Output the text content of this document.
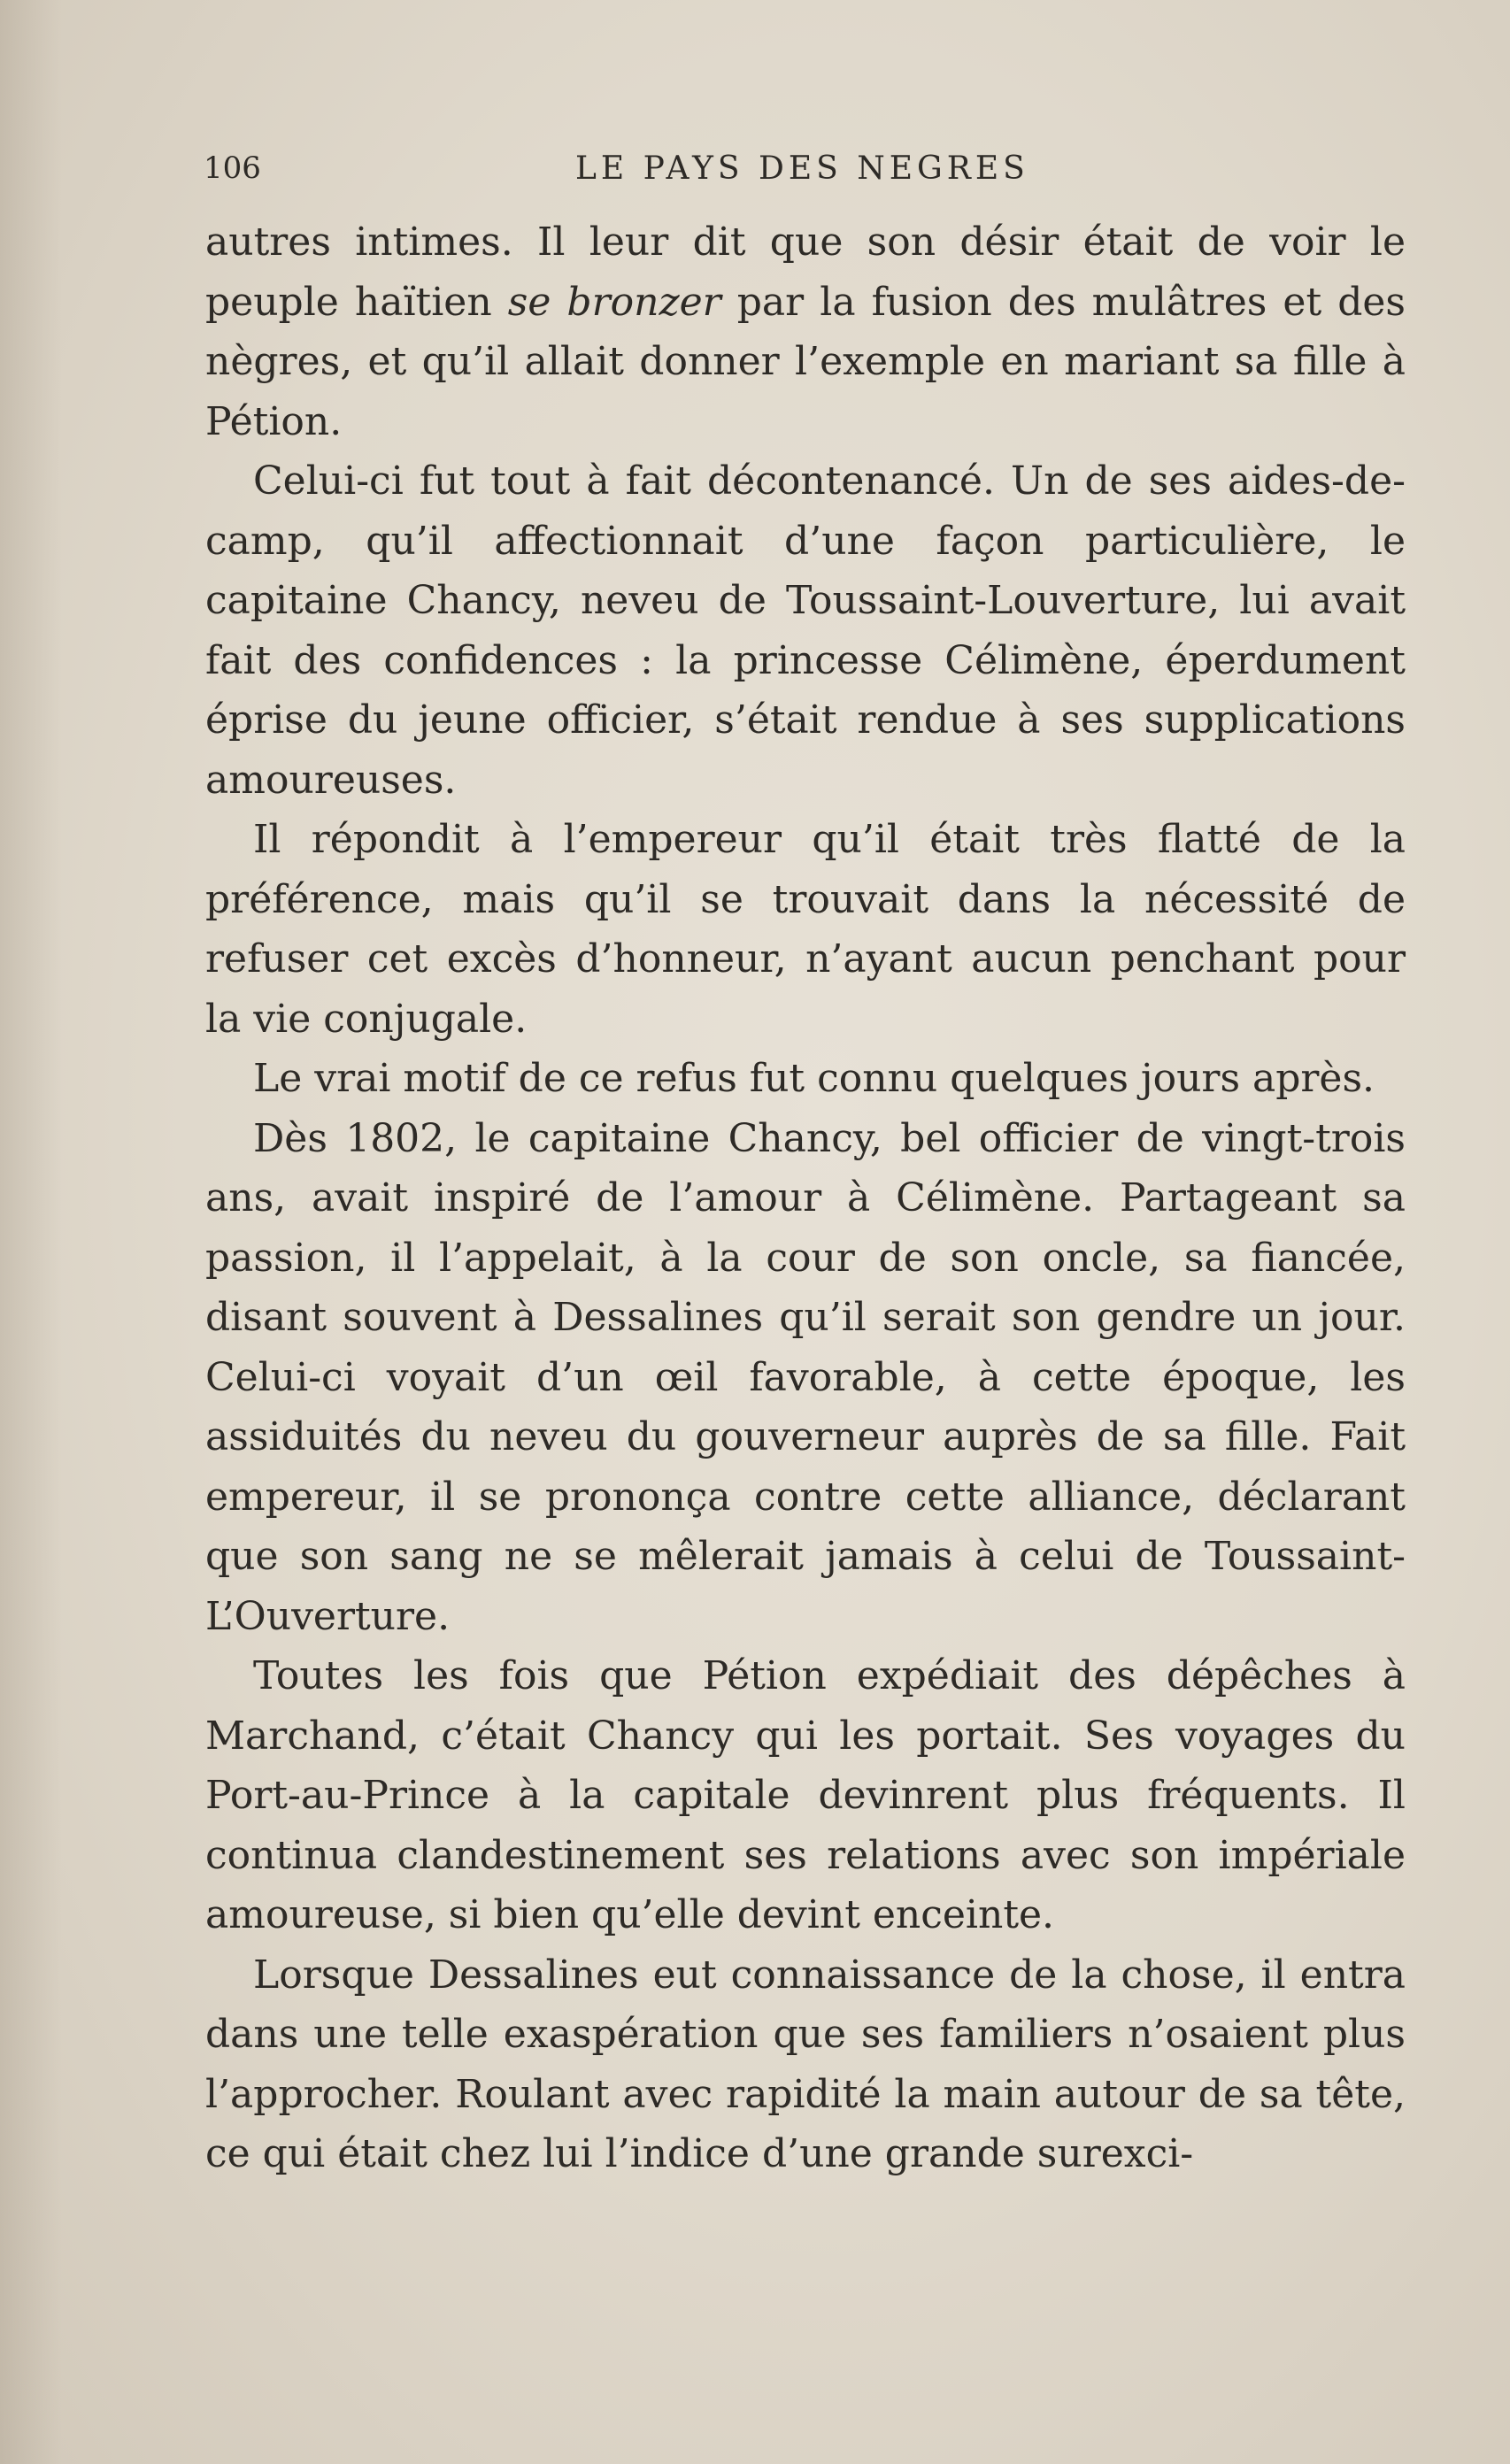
106	LE PAYS DES NEGRES

autres intimes. Il leur dit que son désir était de voir le peuple haïtien se bronzer par la fusion des mulâtres et des nègres, et qu’il allait donner l’exemple en mariant sa fille à Pétion.

Celui-ci fut tout à fait décontenancé. Un de ses aides-de-camp, qu’il affectionnait d’une façon particulière, le capitaine Chancy, neveu de Toussaint-Louverture, lui avait fait des confidences : la princesse Célimène, éperdument éprise du jeune officier, s’était rendue à ses supplications amoureuses.

Il répondit à l’empereur qu’il était très flatté de la préférence, mais qu’il se trouvait dans la nécessité de refuser cet excès d’honneur, n’ayant aucun penchant pour la vie conjugale.

Le vrai motif de ce refus fut connu quelques jours après.

Dès 1802, le capitaine Chancy, bel officier de vingt-trois ans, avait inspiré de l’amour à Célimène. Partageant sa passion, il l’appelait, à la cour de son oncle, sa fiancée, disant souvent à Dessalines qu’il serait son gendre un jour. Celui-ci voyait d’un œil favorable, à cette époque, les assiduités du neveu du gouverneur auprès de sa fille. Fait empereur, il se prononça contre cette alliance, déclarant que son sang ne se mêlerait jamais à celui de Toussaint-L’Ouverture.

Toutes les fois que Pétion expédiait des dépêches à Marchand, c’était Chancy qui les portait. Ses voyages du Port-au-Prince à la capitale devinrent plus fréquents. Il continua clandestinement ses relations avec son impériale amoureuse, si bien qu’elle devint enceinte.

Lorsque Dessalines eut connaissance de la chose, il entra dans une telle exaspération que ses familiers n’osaient plus l’approcher. Roulant avec rapidité la main autour de sa tête, ce qui était chez lui l’indice d’une grande surexci-
